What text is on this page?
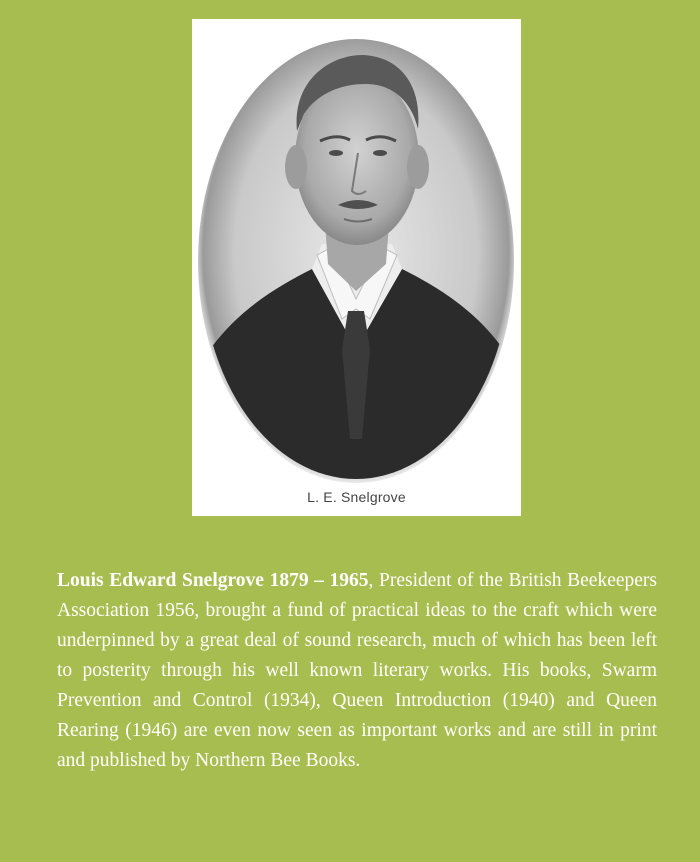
L. E. Snelgrove
Louis Edward Snelgrove 1879 – 1965, President of the British Beekeepers Association 1956, brought a fund of practical ideas to the craft which were underpinned by a great deal of sound research, much of which has been left to posterity through his well known literary works. His books, Swarm Prevention and Control (1934), Queen Introduction (1940) and Queen Rearing (1946) are even now seen as important works and are still in print and published by Northern Bee Books.
